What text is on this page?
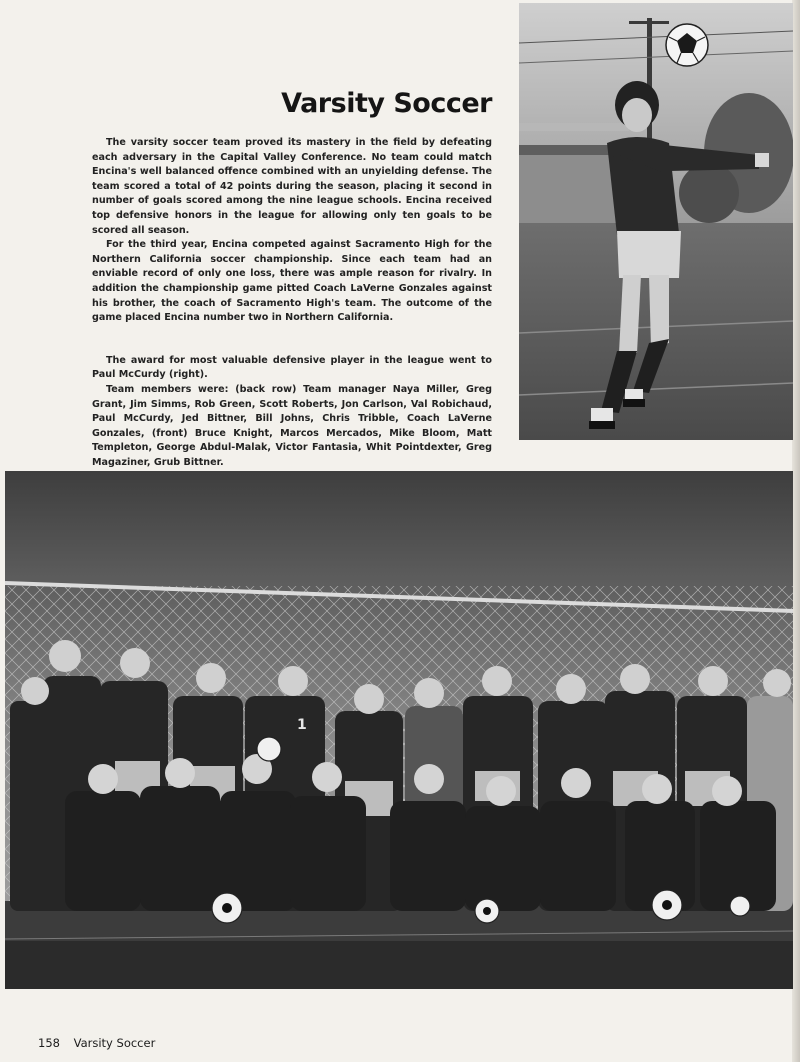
Varsity Soccer

The varsity soccer team proved its mastery in the field by defeating each adversary in the Capital Valley Conference. No team could match Encina's well balanced offence combined with an unyielding defense. The team scored a total of 42 points during the season, placing it second in number of goals scored among the nine league schools. Encina received top defensive honors in the league for allowing only ten goals to be scored all season.

For the third year, Encina competed against Sacramento High for the Northern California soccer championship. Since each team had an enviable record of only one loss, there was ample reason for rivalry. In addition the championship game pitted Coach LaVerne Gonzales against his brother, the coach of Sacramento High's team. The outcome of the game placed Encina number two in Northern California.

The award for most valuable defensive player in the league went to Paul McCurdy (right).

Team members were: (back row) Team manager Naya Miller, Greg Grant, Jim Simms, Rob Green, Scott Roberts, Jon Carlson, Val Robichaud, Paul McCurdy, Jed Bittner, Bill Johns, Chris Tribble, Coach LaVerne Gonzales, (front) Bruce Knight, Marcos Mercados, Mike Bloom, Matt Templeton, George Abdul-Malak, Victor Fantasia, Whit Pointdexter, Greg Magaziner, Grub Bittner.

1
158 Varsity Soccer
